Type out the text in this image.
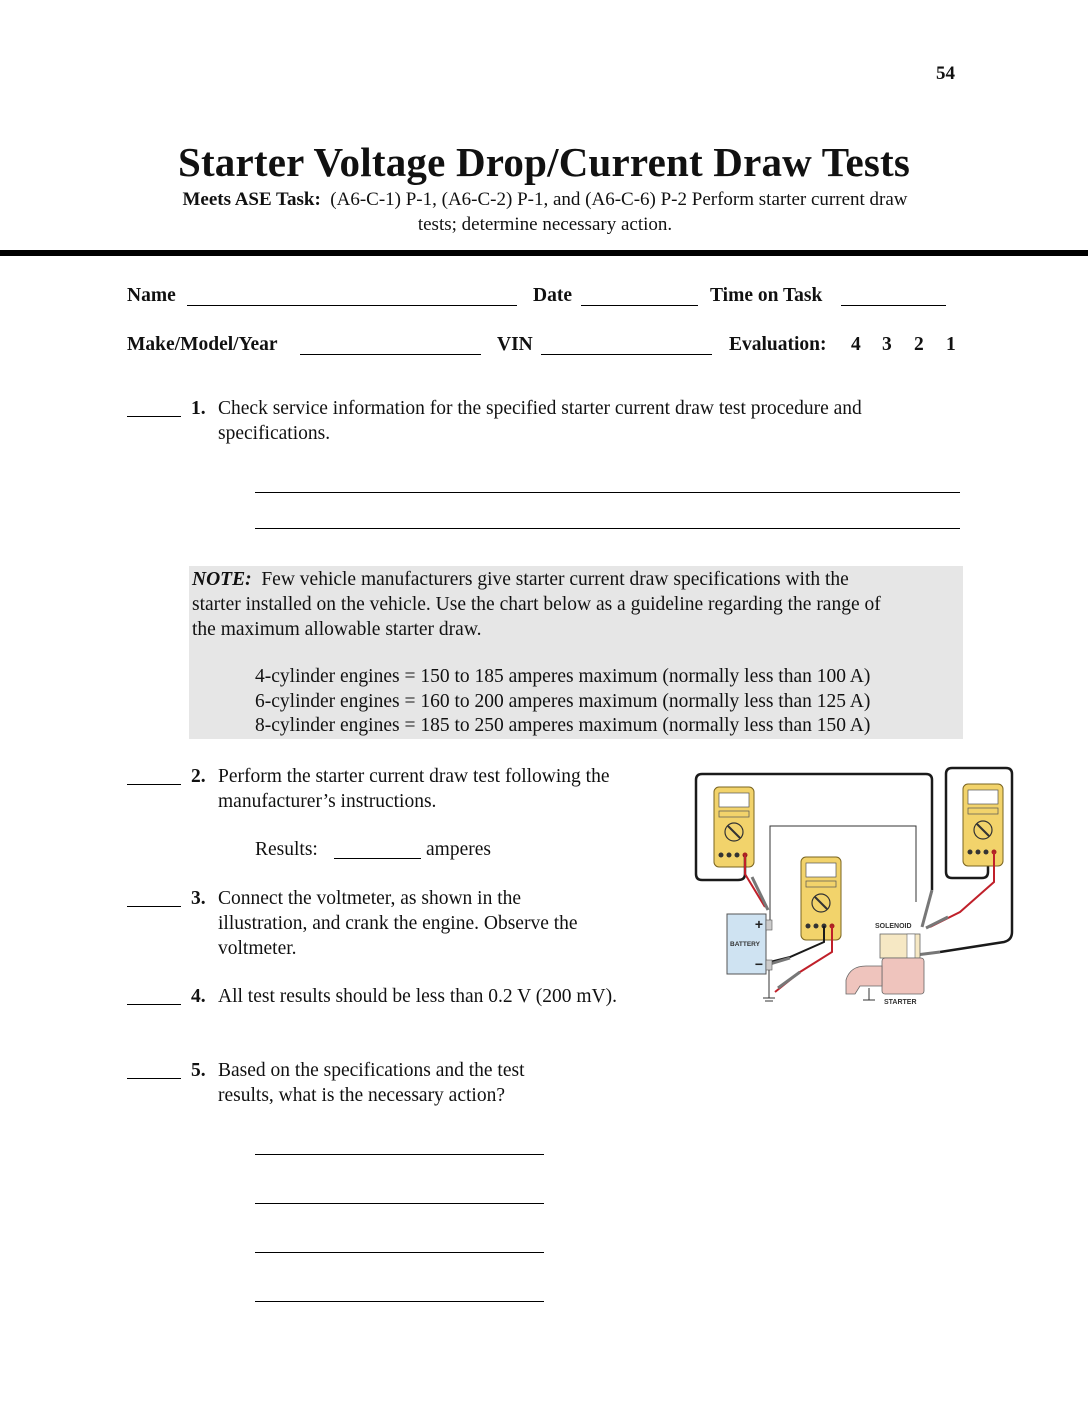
54
Starter Voltage Drop/Current Draw Tests
Meets ASE Task: (A6-C-1) P-1, (A6-C-2) P-1, and (A6-C-6) P-2 Perform starter current draw
tests; determine necessary action.
Name	Date	Time on Task
Make/Model/Year	VIN	Evaluation: 4 3 2 1
1. Check service information for the specified starter current draw test procedure and
specifications.
NOTE: Few vehicle manufacturers give starter current draw specifications with the
starter installed on the vehicle. Use the chart below as a guideline regarding the range of
the maximum allowable starter draw.
4-cylinder engines = 150 to 185 amperes maximum (normally less than 100 A)
6-cylinder engines = 160 to 200 amperes maximum (normally less than 125 A)
8-cylinder engines = 185 to 250 amperes maximum (normally less than 150 A)
2. Perform the starter current draw test following the
manufacturer’s instructions.
Results:	amperes
3. Connect the voltmeter, as shown in the
illustration, and crank the engine. Observe the
voltmeter.
4. All test results should be less than 0.2 V (200 mV).
5. Based on the specifications and the test
results, what is the necessary action?
+
BATTERY
−
SOLENOID
STARTER
